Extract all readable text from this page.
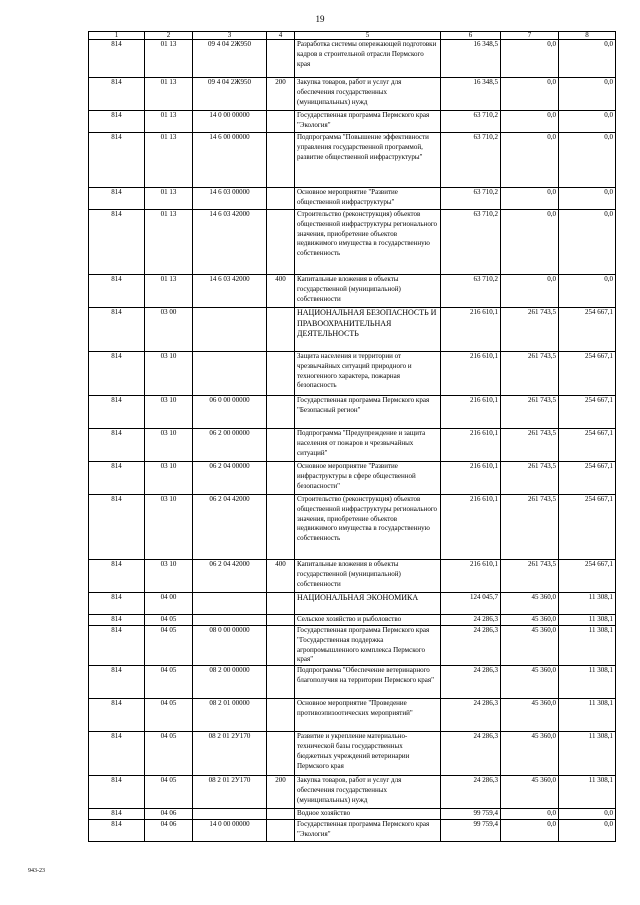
19
1	2	3	4	5	6	7	8
814	01 13	09 4 04 2Ж950		Разработка системы опережающей подготовки кадров в строительной отрасли Пермского края	16 348,5	0,0	0,0
814	01 13	09 4 04 2Ж950	200	Закупка товаров, работ и услуг для обеспечения государственных (муниципальных) нужд	16 348,5	0,0	0,0
814	01 13	14 0 00 00000		Государственная программа Пермского края "Экология"	63 710,2	0,0	0,0
814	01 13	14 6 00 00000		Подпрограмма "Повышение эффективности управления государственной программой, развитие общественной инфраструктуры"	63 710,2	0,0	0,0
814	01 13	14 6 03 00000		Основное мероприятие "Развитие общественной инфраструктуры"	63 710,2	0,0	0,0
814	01 13	14 6 03 42000		Строительство (реконструкция) объектов общественной инфраструктуры регионального значения, приобретение объектов недвижимого имущества в государственную собственность	63 710,2	0,0	0,0
814	01 13	14 6 03 42000	400	Капитальные вложения в объекты государственной (муниципальной) собственности	63 710,2	0,0	0,0
814	03 00			НАЦИОНАЛЬНАЯ БЕЗОПАСНОСТЬ И ПРАВООХРАНИТЕЛЬНАЯ ДЕЯТЕЛЬНОСТЬ	216 610,1	261 743,5	254 667,1
814	03 10			Защита населения и территории от чрезвычайных ситуаций природного и техногенного характера, пожарная безопасность	216 610,1	261 743,5	254 667,1
814	03 10	06 0 00 00000		Государственная программа Пермского края "Безопасный регион"	216 610,1	261 743,5	254 667,1
814	03 10	06 2 00 00000		Подпрограмма "Предупреждение и защита населения от пожаров и чрезвычайных ситуаций"	216 610,1	261 743,5	254 667,1
814	03 10	06 2 04 00000		Основное мероприятие "Развитие инфраструктуры в сфере общественной безопасности"	216 610,1	261 743,5	254 667,1
814	03 10	06 2 04 42000		Строительство (реконструкция) объектов общественной инфраструктуры регионального значения, приобретение объектов недвижимого имущества в государственную собственность	216 610,1	261 743,5	254 667,1
814	03 10	06 2 04 42000	400	Капитальные вложения в объекты государственной (муниципальной) собственности	216 610,1	261 743,5	254 667,1
814	04 00			НАЦИОНАЛЬНАЯ ЭКОНОМИКА	124 045,7	45 360,0	11 308,1
814	04 05			Сельское хозяйство и рыболовство	24 286,3	45 360,0	11 308,1
814	04 05	08 0 00 00000		Государственная программа Пермского края "Государственная поддержка агропромышленного комплекса Пермского края"	24 286,3	45 360,0	11 308,1
814	04 05	08 2 00 00000		Подпрограмма "Обеспечение ветеринарного благополучия на территории Пермского края"	24 286,3	45 360,0	11 308,1
814	04 05	08 2 01 00000		Основное мероприятие "Проведение противоэпизоотических мероприятий"	24 286,3	45 360,0	11 308,1
814	04 05	08 2 01 2У170		Развитие и укрепление материально-технической базы государственных бюджетных учреждений ветеринарии Пермского края	24 286,3	45 360,0	11 308,1
814	04 05	08 2 01 2У170	200	Закупка товаров, работ и услуг для обеспечения государственных (муниципальных) нужд	24 286,3	45 360,0	11 308,1
814	04 06			Водное хозяйство	99 759,4	0,0	0,0
814	04 06	14 0 00 00000		Государственная программа Пермского края "Экология"	99 759,4	0,0	0,0
943-23
